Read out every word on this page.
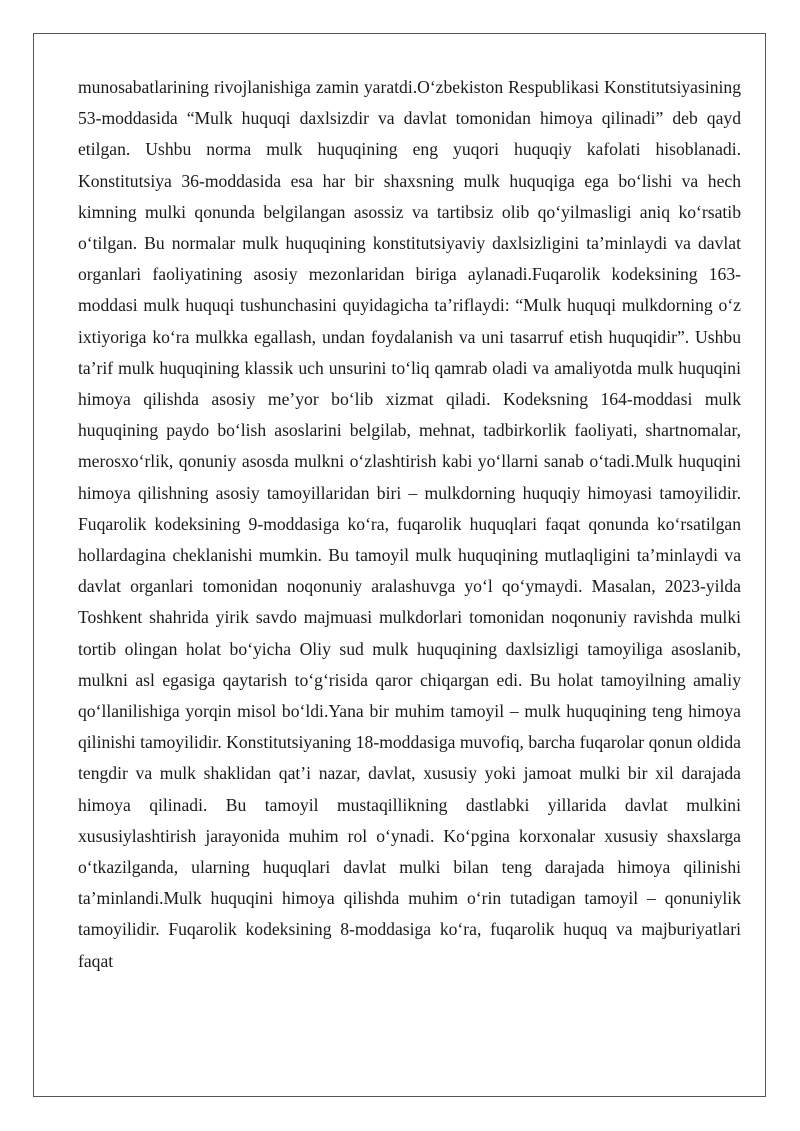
munosabatlarining rivojlanishiga zamin yaratdi.O‘zbekiston Respublikasi Konstitutsiyasining 53-moddasida “Mulk huquqi daxlsizdir va davlat tomonidan himoya qilinadi” deb qayd etilgan. Ushbu norma mulk huquqining eng yuqori huquqiy kafolati hisoblanadi. Konstitutsiya 36-moddasida esa har bir shaxsning mulk huquqiga ega bo‘lishi va hech kimning mulki qonunda belgilangan asossiz va tartibsiz olib qo‘yilmasligi aniq ko‘rsatib o‘tilgan. Bu normalar mulk huquqining konstitutsiyaviy daxlsizligini ta’minlaydi va davlat organlari faoliyatining asosiy mezonlaridan biriga aylanadi.Fuqarolik kodeksining 163-moddasi mulk huquqi tushunchasini quyidagicha ta’riflaydi: “Mulk huquqi mulkdorning o‘z ixtiyoriga ko‘ra mulkka egallash, undan foydalanish va uni tasarruf etish huquqidir”. Ushbu ta’rif mulk huquqining klassik uch unsurini to‘liq qamrab oladi va amaliyotda mulk huquqini himoya qilishda asosiy me’yor bo‘lib xizmat qiladi. Kodeksning 164-moddasi mulk huquqining paydo bo‘lish asoslarini belgilab, mehnat, tadbirkorlik faoliyati, shartnomalar, merosxo‘rlik, qonuniy asosda mulkni o‘zlashtirish kabi yo‘llarni sanab o‘tadi.Mulk huquqini himoya qilishning asosiy tamoyillaridan biri – mulkdorning huquqiy himoyasi tamoyilidir. Fuqarolik kodeksining 9-moddasiga ko‘ra, fuqarolik huquqlari faqat qonunda ko‘rsatilgan hollardagina cheklanishi mumkin. Bu tamoyil mulk huquqining mutlaqligini ta’minlaydi va davlat organlari tomonidan noqonuniy aralashuvga yo‘l qo‘ymaydi. Masalan, 2023-yilda Toshkent shahrida yirik savdo majmuasi mulkdorlari tomonidan noqonuniy ravishda mulki tortib olingan holat bo‘yicha Oliy sud mulk huquqining daxlsizligi tamoyiliga asoslanib, mulkni asl egasiga qaytarish to‘g‘risida qaror chiqargan edi. Bu holat tamoyilning amaliy qo‘llanilishiga yorqin misol bo‘ldi.Yana bir muhim tamoyil – mulk huquqining teng himoya qilinishi tamoyilidir. Konstitutsiyaning 18-moddasiga muvofiq, barcha fuqarolar qonun oldida tengdir va mulk shaklidan qat’i nazar, davlat, xususiy yoki jamoat mulki bir xil darajada himoya qilinadi. Bu tamoyil mustaqillikning dastlabki yillarida davlat mulkini xususiylashtirish jarayonida muhim rol o‘ynadi. Ko‘pgina korxonalar xususiy shaxslarga o‘tkazilganda, ularning huquqlari davlat mulki bilan teng darajada himoya qilinishi ta’minlandi.Mulk huquqini himoya qilishda muhim o‘rin tutadigan tamoyil – qonuniylik tamoyilidir. Fuqarolik kodeksining 8-moddasiga ko‘ra, fuqarolik huquq va majburiyatlari faqat
